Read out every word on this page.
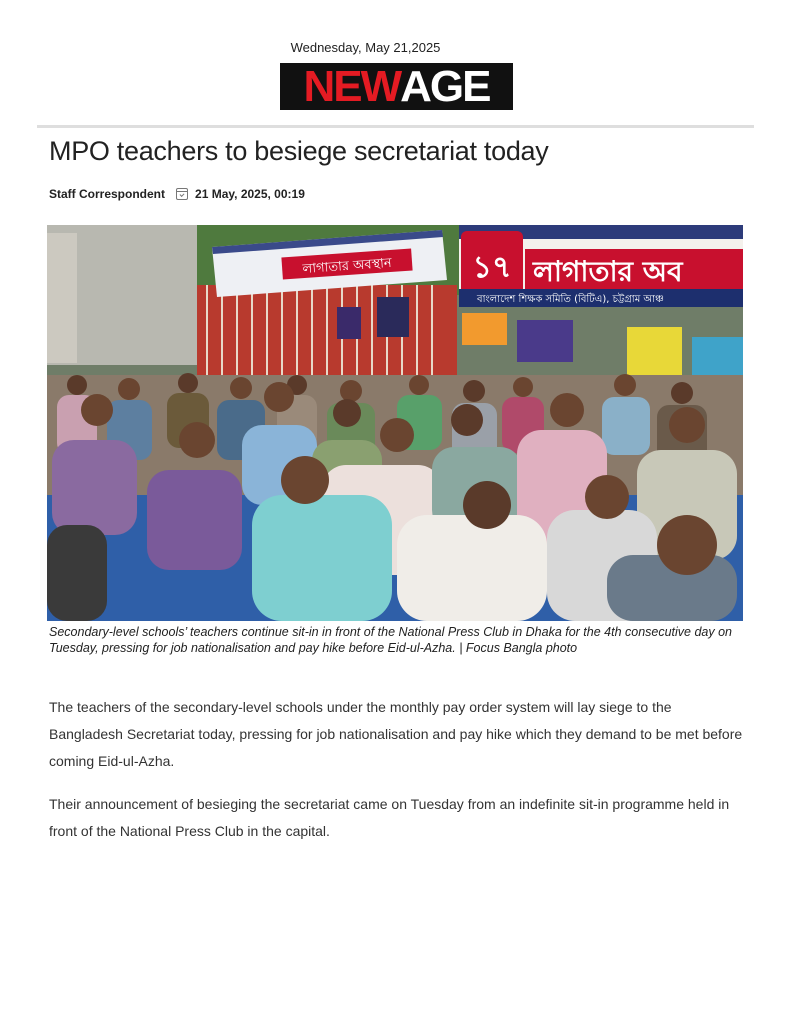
Wednesday, May 21,2025
NEW AGE
MPO teachers to besiege secretariat today
Staff Correspondent	21 May, 2025, 00:19
লাগাতার অবস্থান	১৭ লাগাতার অব
বাংলাদেশ শিক্ষক সমিতি (বিটিএ), চট্টগ্রাম আঞ্চ

Secondary-level schools’ teachers continue sit-in in front of the National Press Club in Dhaka for the 4th consecutive day on Tuesday, pressing for job nationalisation and pay hike before Eid-ul-Azha. | Focus Bangla photo

The teachers of the secondary-level schools under the monthly pay order system will lay siege to the Bangladesh Secretariat today, pressing for job nationalisation and pay hike which they demand to be met before coming Eid-ul-Azha.

Their announcement of besieging the secretariat came on Tuesday from an indefinite sit-in programme held in front of the National Press Club in the capital.
